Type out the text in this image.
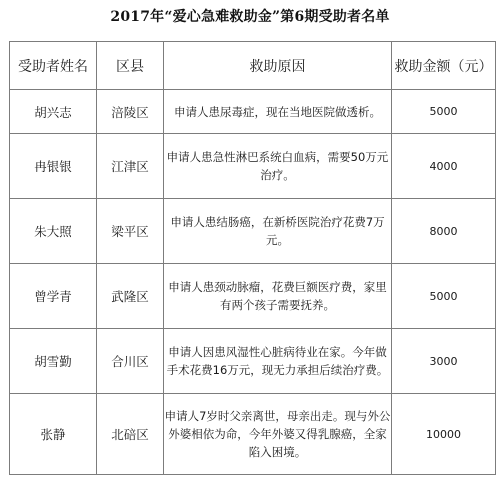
2017年“爱心急难救助金”第6期受助者名单
受助者姓名	区县	救助原因	救助金额（元）
胡兴志	涪陵区	申请人患尿毒症，现在当地医院做透析。	5000
冉银银	江津区	申请人患急性淋巴系统白血病，需要50万元治疗。	4000
朱大照	梁平区	申请人患结肠癌，在新桥医院治疗花费7万元。	8000
曾学青	武隆区	申请人患颈动脉瘤，花费巨额医疗费，家里有两个孩子需要抚养。	5000
胡雪勤	合川区	申请人因患风湿性心脏病待业在家。今年做手术花费16万元，现无力承担后续治疗费。	3000
张静	北碚区	申请人7岁时父亲离世，母亲出走。现与外公外婆相依为命，今年外婆又得乳腺癌，全家陷入困境。	10000
